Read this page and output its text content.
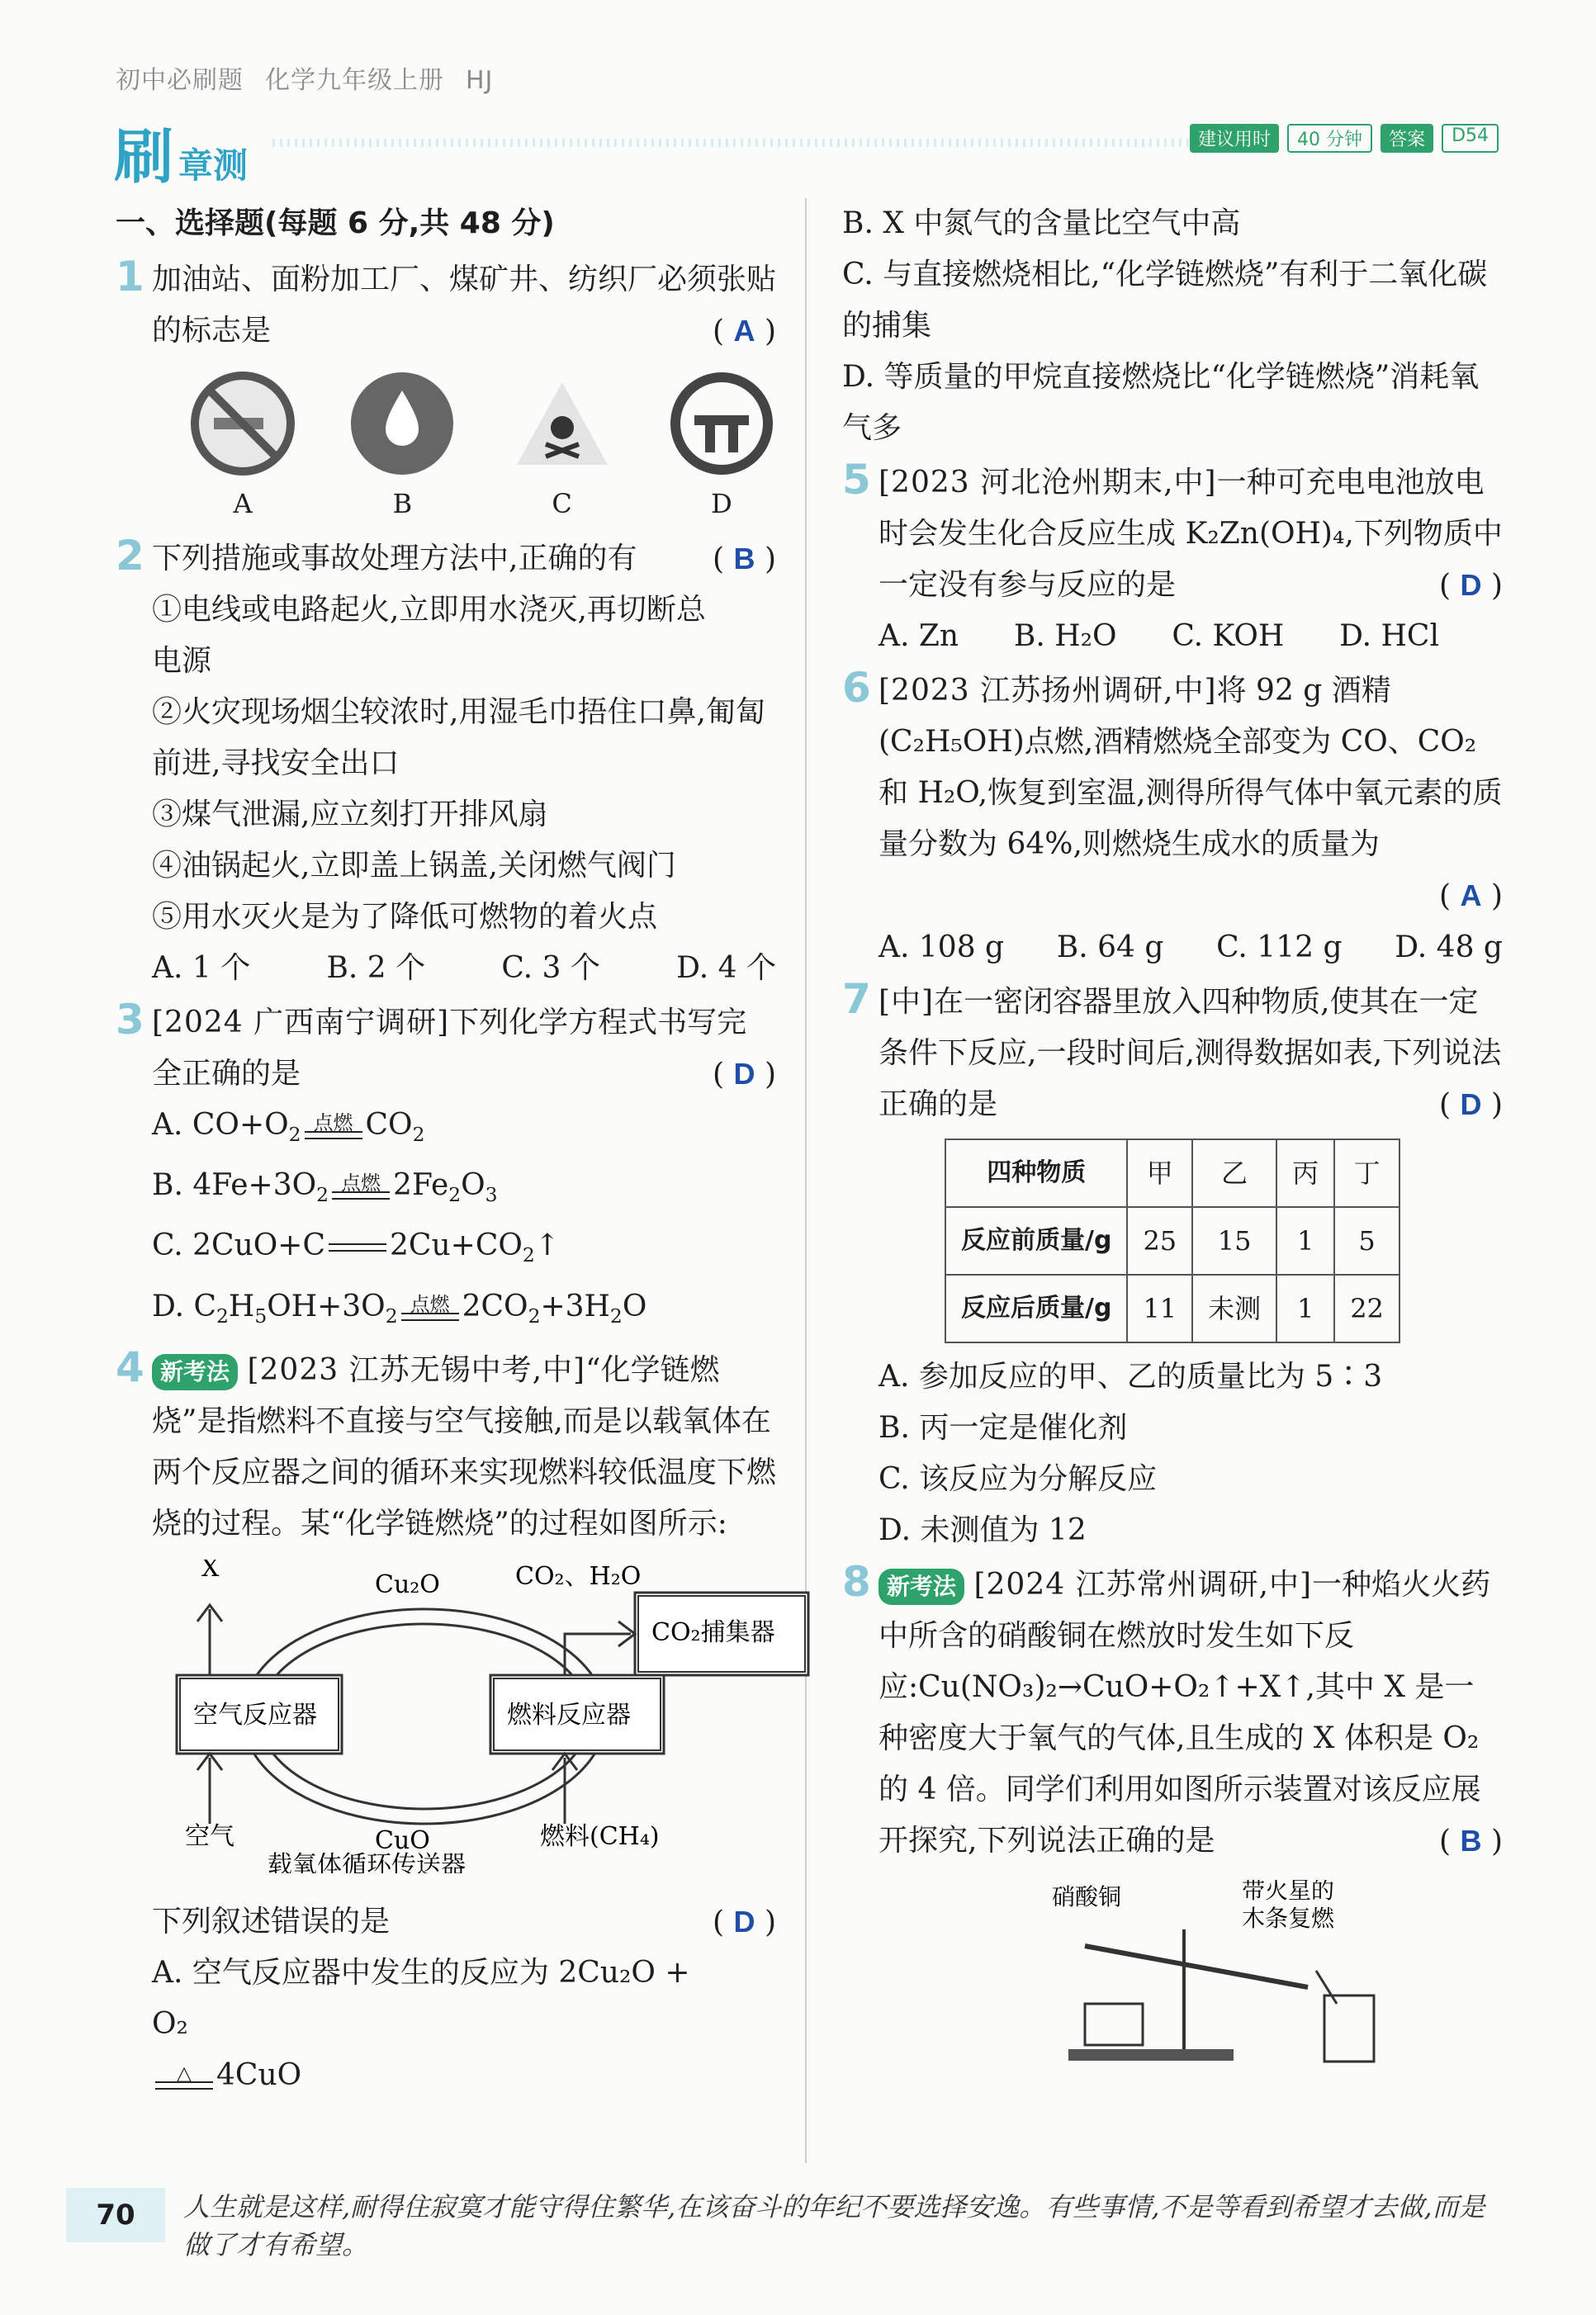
初中必刷题 化学九年级上册 HJ
刷章测
建议用时	40 分钟	答案	D54
一、选择题(每题 6 分,共 48 分)
1 加油站、面粉加工厂、煤矿井、纺织厂必须张贴的标志是	( A )
A	B	C	D
2 下列措施或事故处理方法中,正确的有	( B )
①电线或电路起火,立即用水浇灭,再切断总电源
②火灾现场烟尘较浓时,用湿毛巾捂住口鼻,匍匐前进,寻找安全出口
③煤气泄漏,应立刻打开排风扇
④油锅起火,立即盖上锅盖,关闭燃气阀门
⑤用水灭火是为了降低可燃物的着火点
A. 1 个	B. 2 个	C. 3 个	D. 4 个
3 [2024 广西南宁调研]下列化学方程式书写完全正确的是	( D )
A. $CO+O_2$
点燃 $CO_2$
B. $4Fe+3O_2$
点燃 $2Fe_2O_3$
C. 2CuO+C $2Cu+CO_2↑$
D. $C_2H_5OH+3O_2$
点燃 $2CO_2+3H_2O$
4 新考法 [2023 江苏无锡中考,中]“化学链燃烧”是指燃料不直接与空气接触,而是以载氧体在两个反应器之间的循环来实现燃料较低温度下燃烧的过程。某“化学链燃烧”的过程如图所示:
空气反应器	燃料反应器
CO₂捕集器
CO₂、H₂O
Cu₂O
CuO
X
空气	燃料(CH₄)
载氧体循环传送器
下列叙述错误的是	( D )
A. 空气反应器中发生的反应为 2Cu₂O + O₂
△ 4CuO
B. X 中氮气的含量比空气中高
C. 与直接燃烧相比,“化学链燃烧”有利于二氧化碳的捕集
D. 等质量的甲烷直接燃烧比“化学链燃烧”消耗氧气多
5 [2023 河北沧州期末,中]一种可充电电池放电时会发生化合反应生成 K₂Zn(OH)₄,下列物质中一定没有参与反应的是	( D )
A. Zn B. H₂O C. KOH D. HCl
6 [2023 江苏扬州调研,中]将 92 g 酒精(C₂H₅OH)点燃,酒精燃烧全部变为 CO、CO₂ 和 H₂O,恢复到室温,测得所得气体中氧元素的质量分数为 64%,则燃烧生成水的质量为
( A )
A. 108 g B. 64 g C. 112 g D. 48 g
7 [中]在一密闭容器里放入四种物质,使其在一定条件下反应,一段时间后,测得数据如表,下列说法正确的是	( D )
四种物质	甲	乙	丙	丁
反应前质量/g	25	15	1	5
反应后质量/g	11	未测	1	22
A. 参加反应的甲、乙的质量比为 5∶3
B. 丙一定是催化剂
C. 该反应为分解反应
D. 未测值为 12
8 新考法 [2024 江苏常州调研,中]一种焰火火药中所含的硝酸铜在燃放时发生如下反应:Cu(NO₃)₂→CuO+O₂↑+X↑,其中 X 是一种密度大于氧气的气体,且生成的 X 体积是 O₂ 的 4 倍。同学们利用如图所示装置对该反应展开探究,下列说法正确的是	( B )
硝酸铜	带火星的
木条复燃
70	人生就是这样,耐得住寂寞才能守得住繁华,在该奋斗的年纪不要选择安逸。有些事情,不是等看到希望才去做,而是做了才有希望。
